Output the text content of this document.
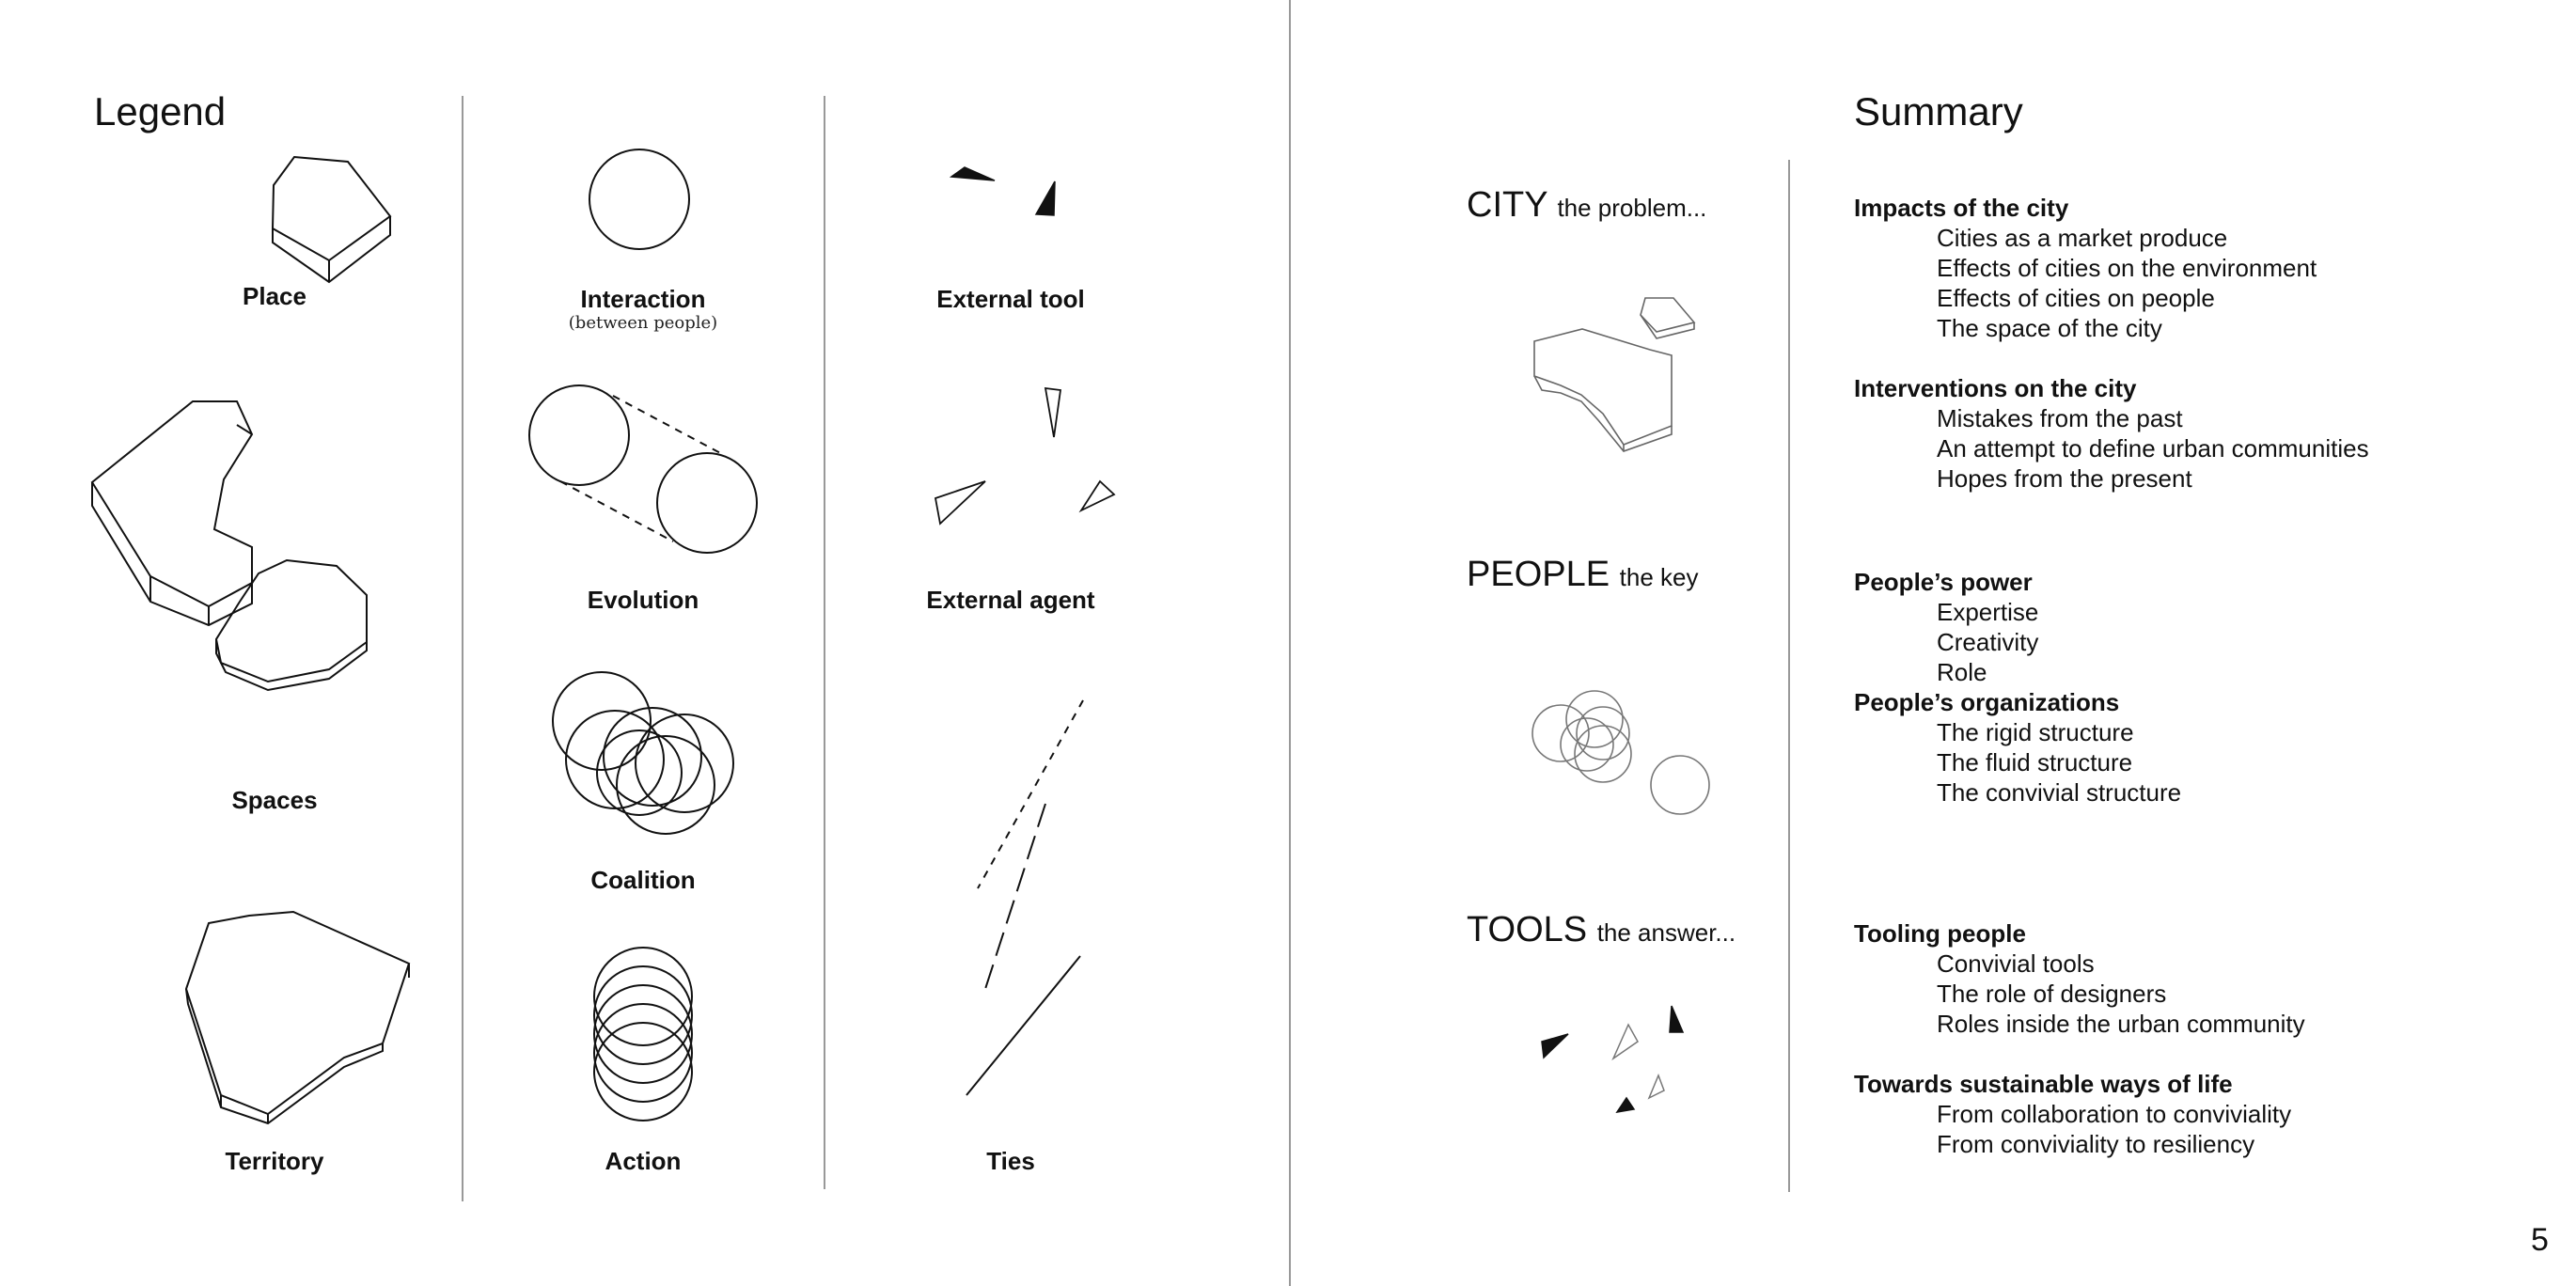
Legend
Place
Spaces
Territory
Interaction
(between people)
Evolution
Coalition
Action
External tool
External agent
Ties
Summary
CITY the problem...
PEOPLE the key
TOOLS the answer...
Impacts of the city
Cities as a market produce
Effects of cities on the environment
Effects of cities on people
The space of the city
Interventions on the city
Mistakes from the past
An attempt to define urban communities
Hopes from the present
People’s power
Expertise
Creativity
Role
People’s organizations
The rigid structure
The fluid structure
The convivial structure
Tooling people
Convivial tools
The role of designers
Roles inside the urban community
Towards sustainable ways of life
From collaboration to conviviality
From conviviality to resiliency
5
